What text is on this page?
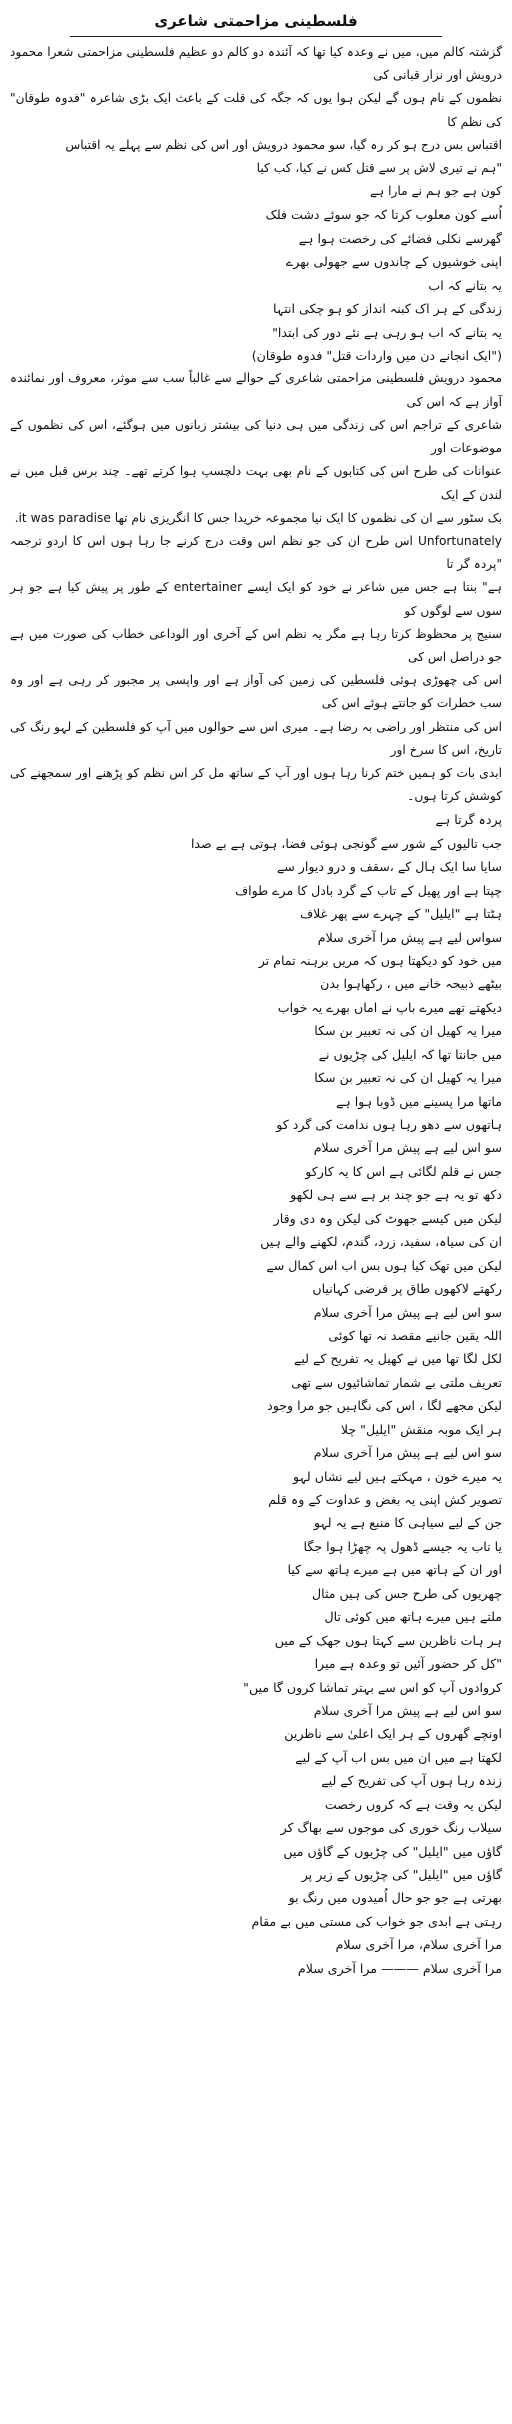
فلسطینی مزاحمتی شاعری

گزشتہ کالم میں، میں نے وعدہ کیا تھا کہ آئندہ دو کالم دو عظیم فلسطینی مزاحمتی شعرا محمود درویش اور نزار قبانی کی

نظموں کے نام ہوں گے لیکن ہوا یوں کہ جگہ کی قلت کے باعث ایک بڑی شاعرہ "فدوہ طوقان" کی نظم کا

اقتباس بس درج ہو کر رہ گیا، سو محمود درویش اور اس کی نظم سے پہلے یہ اقتباس

"ہم نے تیری لاش پر سے قتل کس نے کیا، کب کیا

کون ہے جو ہم نے مارا ہے

اُسے کون معلوب کرتا کہ جو سوئے دشت فلک
گھرسے نکلی فضائے کی رخصت ہوا ہے
اپنی خوشیوں کے چاندوں سے جھولی بھرے
یہ بتانے کہ اب
زندگی کے ہر اک کبنہ انداز کو ہو چکی انتہا
یہ بتانے کہ اب ہو رہی ہے نئے دور کی ابتدا"
("ایک انجانے دن میں واردات قتل" فدوہ طوقان)

محمود درویش فلسطینی مزاحمتی شاعری کے حوالے سے غالباً سب سے موثر، معروف اور نمائندہ آواز ہے کہ اس کی

شاعری کے تراجم اس کی زندگی میں ہی دنیا کی بیشتر زبانوں میں ہوگئے، اس کی نظموں کے موضوعات اور

عنوانات کی طرح اس کی کتابوں کے نام بھی بہت دلچسپ ہوا کرتے تھے۔ چند برس قبل میں نے لندن کے ایک

بک سٹور سے ان کی نظموں کا ایک نیا مجموعہ خریدا جس کا انگریزی نام تھا it was paradise.

Unfortunately اس طرح ان کی جو نظم اس وقت درج کرنے جا رہا ہوں اس کا اردو ترجمہ "پردہ گر تا

ہے" بنتا ہے جس میں شاعر نے خود کو ایک ایسے entertainer کے طور پر پیش کیا ہے جو ہر سوں سے لوگوں کو

سنیج پر محظوظ کرتا رہا ہے مگر یہ نظم اس کے آخری اور الوداعی خطاب کی صورت میں ہے جو دراصل اس کی

اس کی چھوڑی ہوئی فلسطین کی زمین کی آواز ہے اور واپسی پر مجبور کر رہی ہے اور وہ سب خطرات کو جانتے ہوئے اس کی

اس کی منتظر اور راضی بہ رضا ہے۔ میری اس سے حوالوں میں آپ کو فلسطین کے لہو رنگ کی تاریخ، اس کا سرخ اور

ابدی بات کو ہمیں ختم کرنا رہا ہوں اور آپ کے ساتھ مل کر اس نظم کو پڑھنے اور سمجھنے کی کوشش کرتا ہوں۔

پردہ گرتا ہے
جب تالیوں کے شور سے گونجی ہوئی فضا، ہوتی ہے بے صدا
سایا سا ایک ہال کے ،سقف و درو دیوار سے
چپتا ہے اور پھیل کے تاب کے گرد بادل کا مرے طواف
ہٹتا ہے "ایلیل" کے چہرے سے پھر غلاف
سواس لیے ہے پیش مرا آخری سلام
میں خود کو دیکھتا ہوں کہ مریں برہنہ تمام تر
بیٹھے ذبیحہ خانے میں ، رکھاہوا بدن
دیکھتے تھے میرے باپ نے اماں بھرے یہ خواب
میرا یہ کھیل ان کی نہ تعبیر بن سکا
میں جانتا تھا کہ ایلیل کی چڑیوں نے
میرا یہ کھیل ان کی نہ تعبیر بن سکا
ماتھا مرا پسینے میں ڈوبا ہوا ہے
ہاتھوں سے دھو رہا ہوں ندامت کی گرد کو
سو اس لیے ہے پیش مرا آخری سلام
جس نے قلم لگائی ہے اس کا یہ کارکو
دکھ تو یہ ہے جو چند بر ہے سے ہی لکھو
لیکن میں کیسے جھوٹ کی لیکن وہ دی وقار
ان کی سیاہ، سفید، زرد، گندم، لکھنے والے ہیں
لیکن میں تھک کیا ہوں بس اب اس کمال سے
رکھتے لاکھوں طاق پر فرضی کہانیاں
سو اس لیے ہے پیش مرا آخری سلام
اللہ یقین جانیے مقصد نہ تھا کوئی
لکل لگا تھا میں نے کھیل یہ تفریح کے لیے
تعریف ملتی بے شمار تماشائیوں سے تھی
لیکن مجھے لگا ، اس کی نگاہیں جو مرا وجود
ہر ایک موبہ منقش "ایلیل" چلا
سو اس لیے ہے پیش مرا آخری سلام
یہ میرے خون ، مہکتے ہیں لیے نشاں لہو
تصویر کش اپنی یہ بغض و عداوت کے وہ قلم
جن کے لیے سیاہی کا منبع ہے یہ لہو
یا تاب یہ جیسے ڈھول پہ چھڑا ہوا جگا
اور ان کے ہاتھ میں ہے میرے ہاتھ سے کیا
چھریوں کی طرح جس کی ہیں مثال
ملتے ہیں میرے ہاتھ میں کوئی تال
ہر ہات ناظرین سے کہتا ہوں جھک کے میں
"کل کر حضور آئیں تو وعدہ ہے میرا
کروادوں آپ کو اس سے بہتر تماشا کروں گا میں"
سو اس لیے ہے پیش مرا آخری سلام
اونچے گھروں کے ہر ایک اعلیٰ سے ناظرین
لکھتا ہے میں ان میں بس اب آپ کے لیے
زندہ رہا ہوں آپ کی تفریح کے لیے
لیکن یہ وقت ہے کہ کروں رخصت
سیلاب رنگ خوری کی موجوں سے بھاگ کر
گاؤں میں "ایلیل" کی چڑیوں کے گاؤں میں
گاؤں میں "ایلیل" کی چڑیوں کے زیر پر
بھرتی ہے جو جو حال اُمیدوں میں رنگ بو
رہتی ہے ابدی جو خواب کی مستی میں بے مقام
مرا آخری سلام، مرا آخری سلام
مرا آخری سلام ——— مرا آخری سلام
